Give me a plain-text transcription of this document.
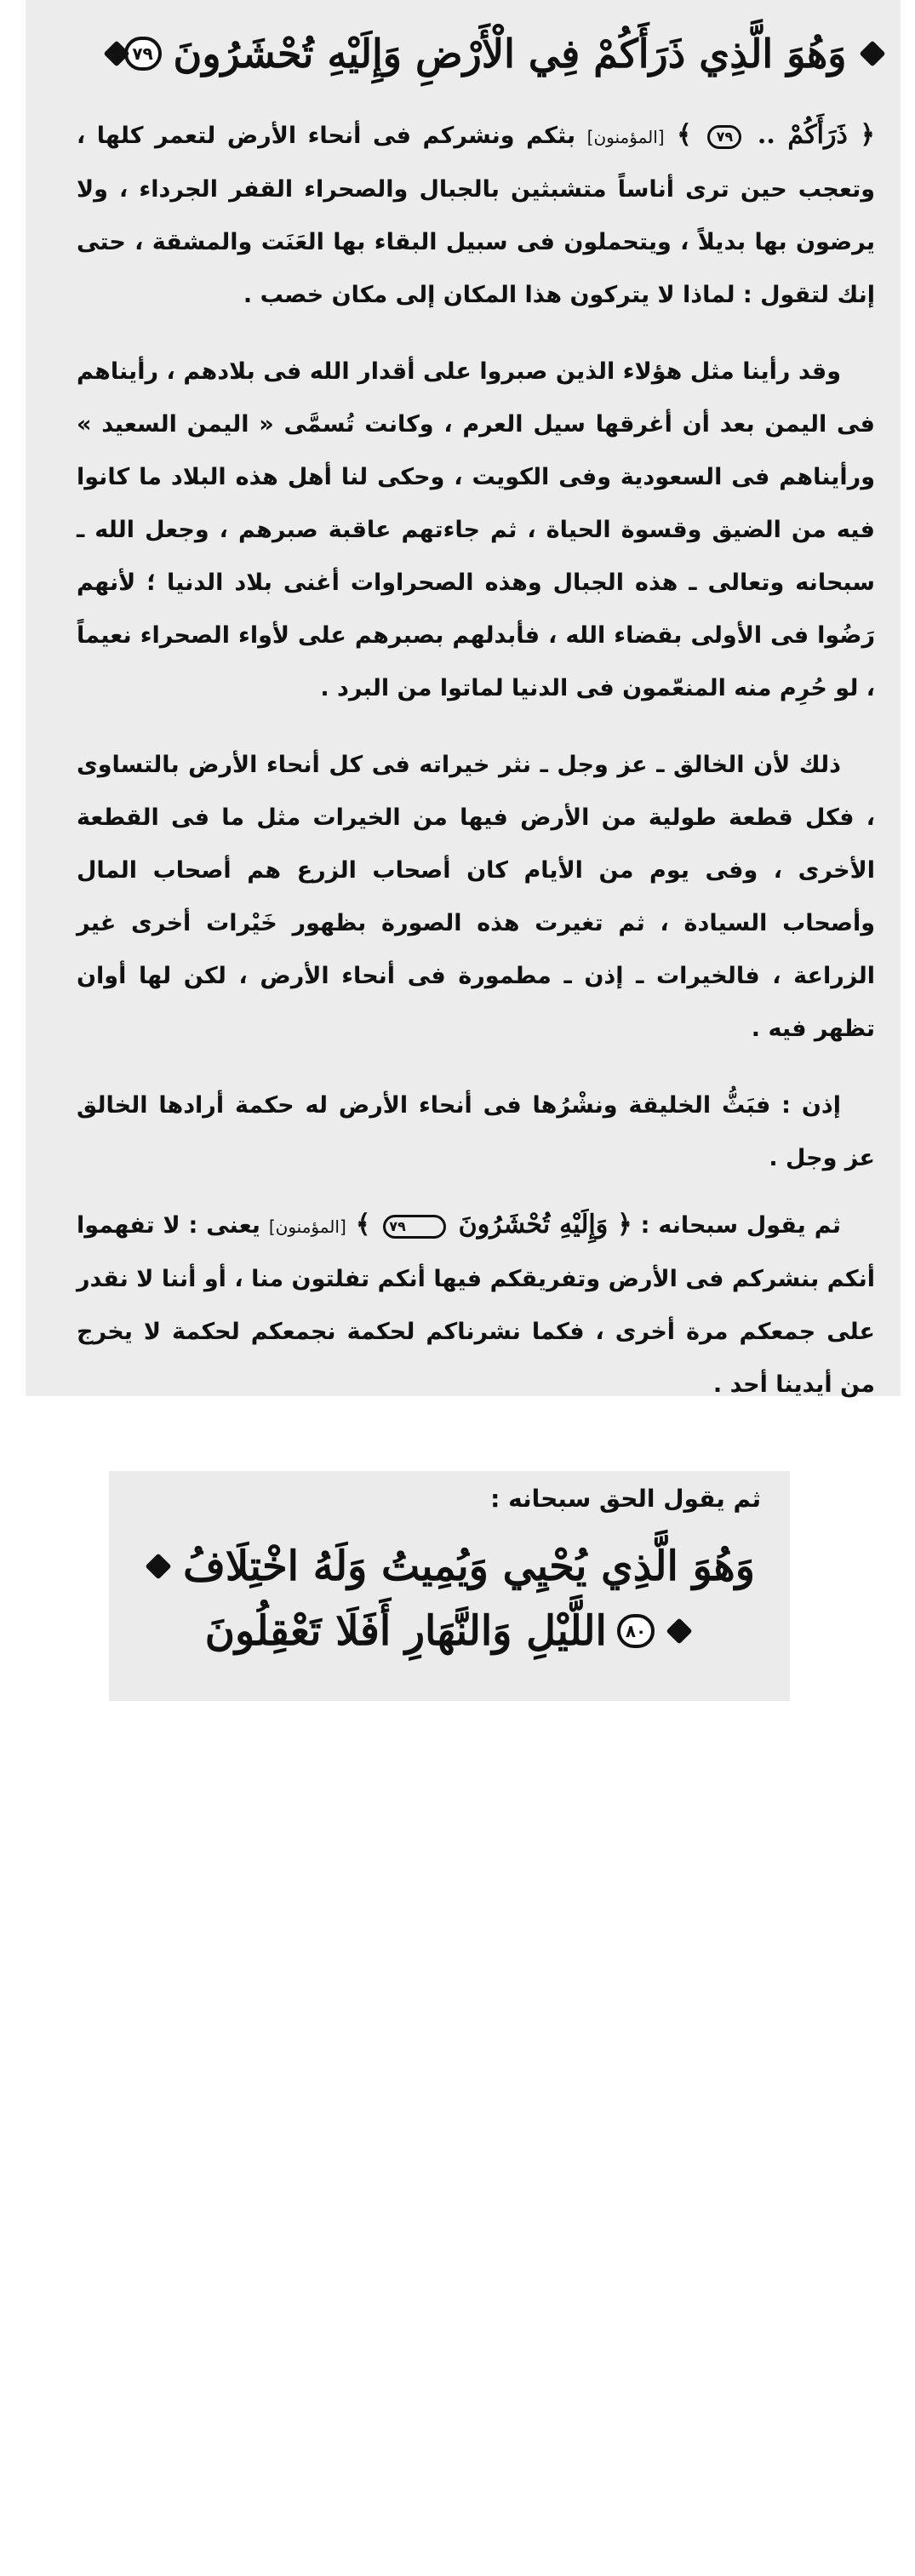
وَهُوَ الَّذِي ذَرَأَكُمْ فِي الْأَرْضِ وَإِلَيْهِ تُحْشَرُونَ
٧٩

﴿ ذَرَأَكُمْ .. ٧٩ ﴾ [المؤمنون] بثكم ونشركم فى أنحاء الأرض لتعمر كلها ، وتعجب حين ترى أناساً متشبثين بالجبال والصحراء القفر الجرداء ، ولا يرضون بها بديلاً ، ويتحملون فى سبيل البقاء بها العَنَت والمشقة ، حتى إنك لتقول : لماذا لا يتركون هذا المكان إلى مكان خصب .

وقد رأينا مثل هؤلاء الذين صبروا على أقدار الله فى بلادهم ، رأيناهم فى اليمن بعد أن أغرقها سيل العرم ، وكانت تُسمَّى « اليمن السعيد » ورأيناهم فى السعودية وفى الكويت ، وحكى لنا أهل هذه البلاد ما كانوا فيه من الضيق وقسوة الحياة ، ثم جاءتهم عاقبة صبرهم ، وجعل الله ـ سبحانه وتعالى ـ هذه الجبال وهذه الصحراوات أغنى بلاد الدنيا ؛ لأنهم رَضُوا فى الأولى بقضاء الله ، فأبدلهم بصبرهم على لأواء الصحراء نعيماً ، لو حُرِم منه المنعّمون فى الدنيا لماتوا من البرد .

ذلك لأن الخالق ـ عز وجل ـ نثر خيراته فى كل أنحاء الأرض بالتساوى ، فكل قطعة طولية من الأرض فيها من الخيرات مثل ما فى القطعة الأخرى ، وفى يوم من الأيام كان أصحاب الزرع هم أصحاب المال وأصحاب السيادة ، ثم تغيرت هذه الصورة بظهور خَيْرات أخرى غير الزراعة ، فالخيرات ـ إذن ـ مطمورة فى أنحاء الأرض ، لكن لها أوان تظهر فيه .

إذن : فبَثُّ الخليقة ونشْرُها فى أنحاء الأرض له حكمة أرادها الخالق عز وجل .

ثم يقول سبحانه : ﴿ وَإِلَيْهِ تُحْشَرُونَ ٧٩ ﴾ [المؤمنون] يعنى : لا تفهموا أنكم بنشركم فى الأرض وتفريقكم فيها أنكم تفلتون منا ، أو أننا لا نقدر على جمعكم مرة أخرى ، فكما نشرناكم لحكمة نجمعكم لحكمة لا يخرج من أيدينا أحد .

ثم يقول الحق سبحانه :
وَهُوَ الَّذِي يُحْيِي وَيُمِيتُ وَلَهُ اخْتِلَافُ
٨٠
اللَّيْلِ وَالنَّهَارِ أَفَلَا تَعْقِلُونَ
